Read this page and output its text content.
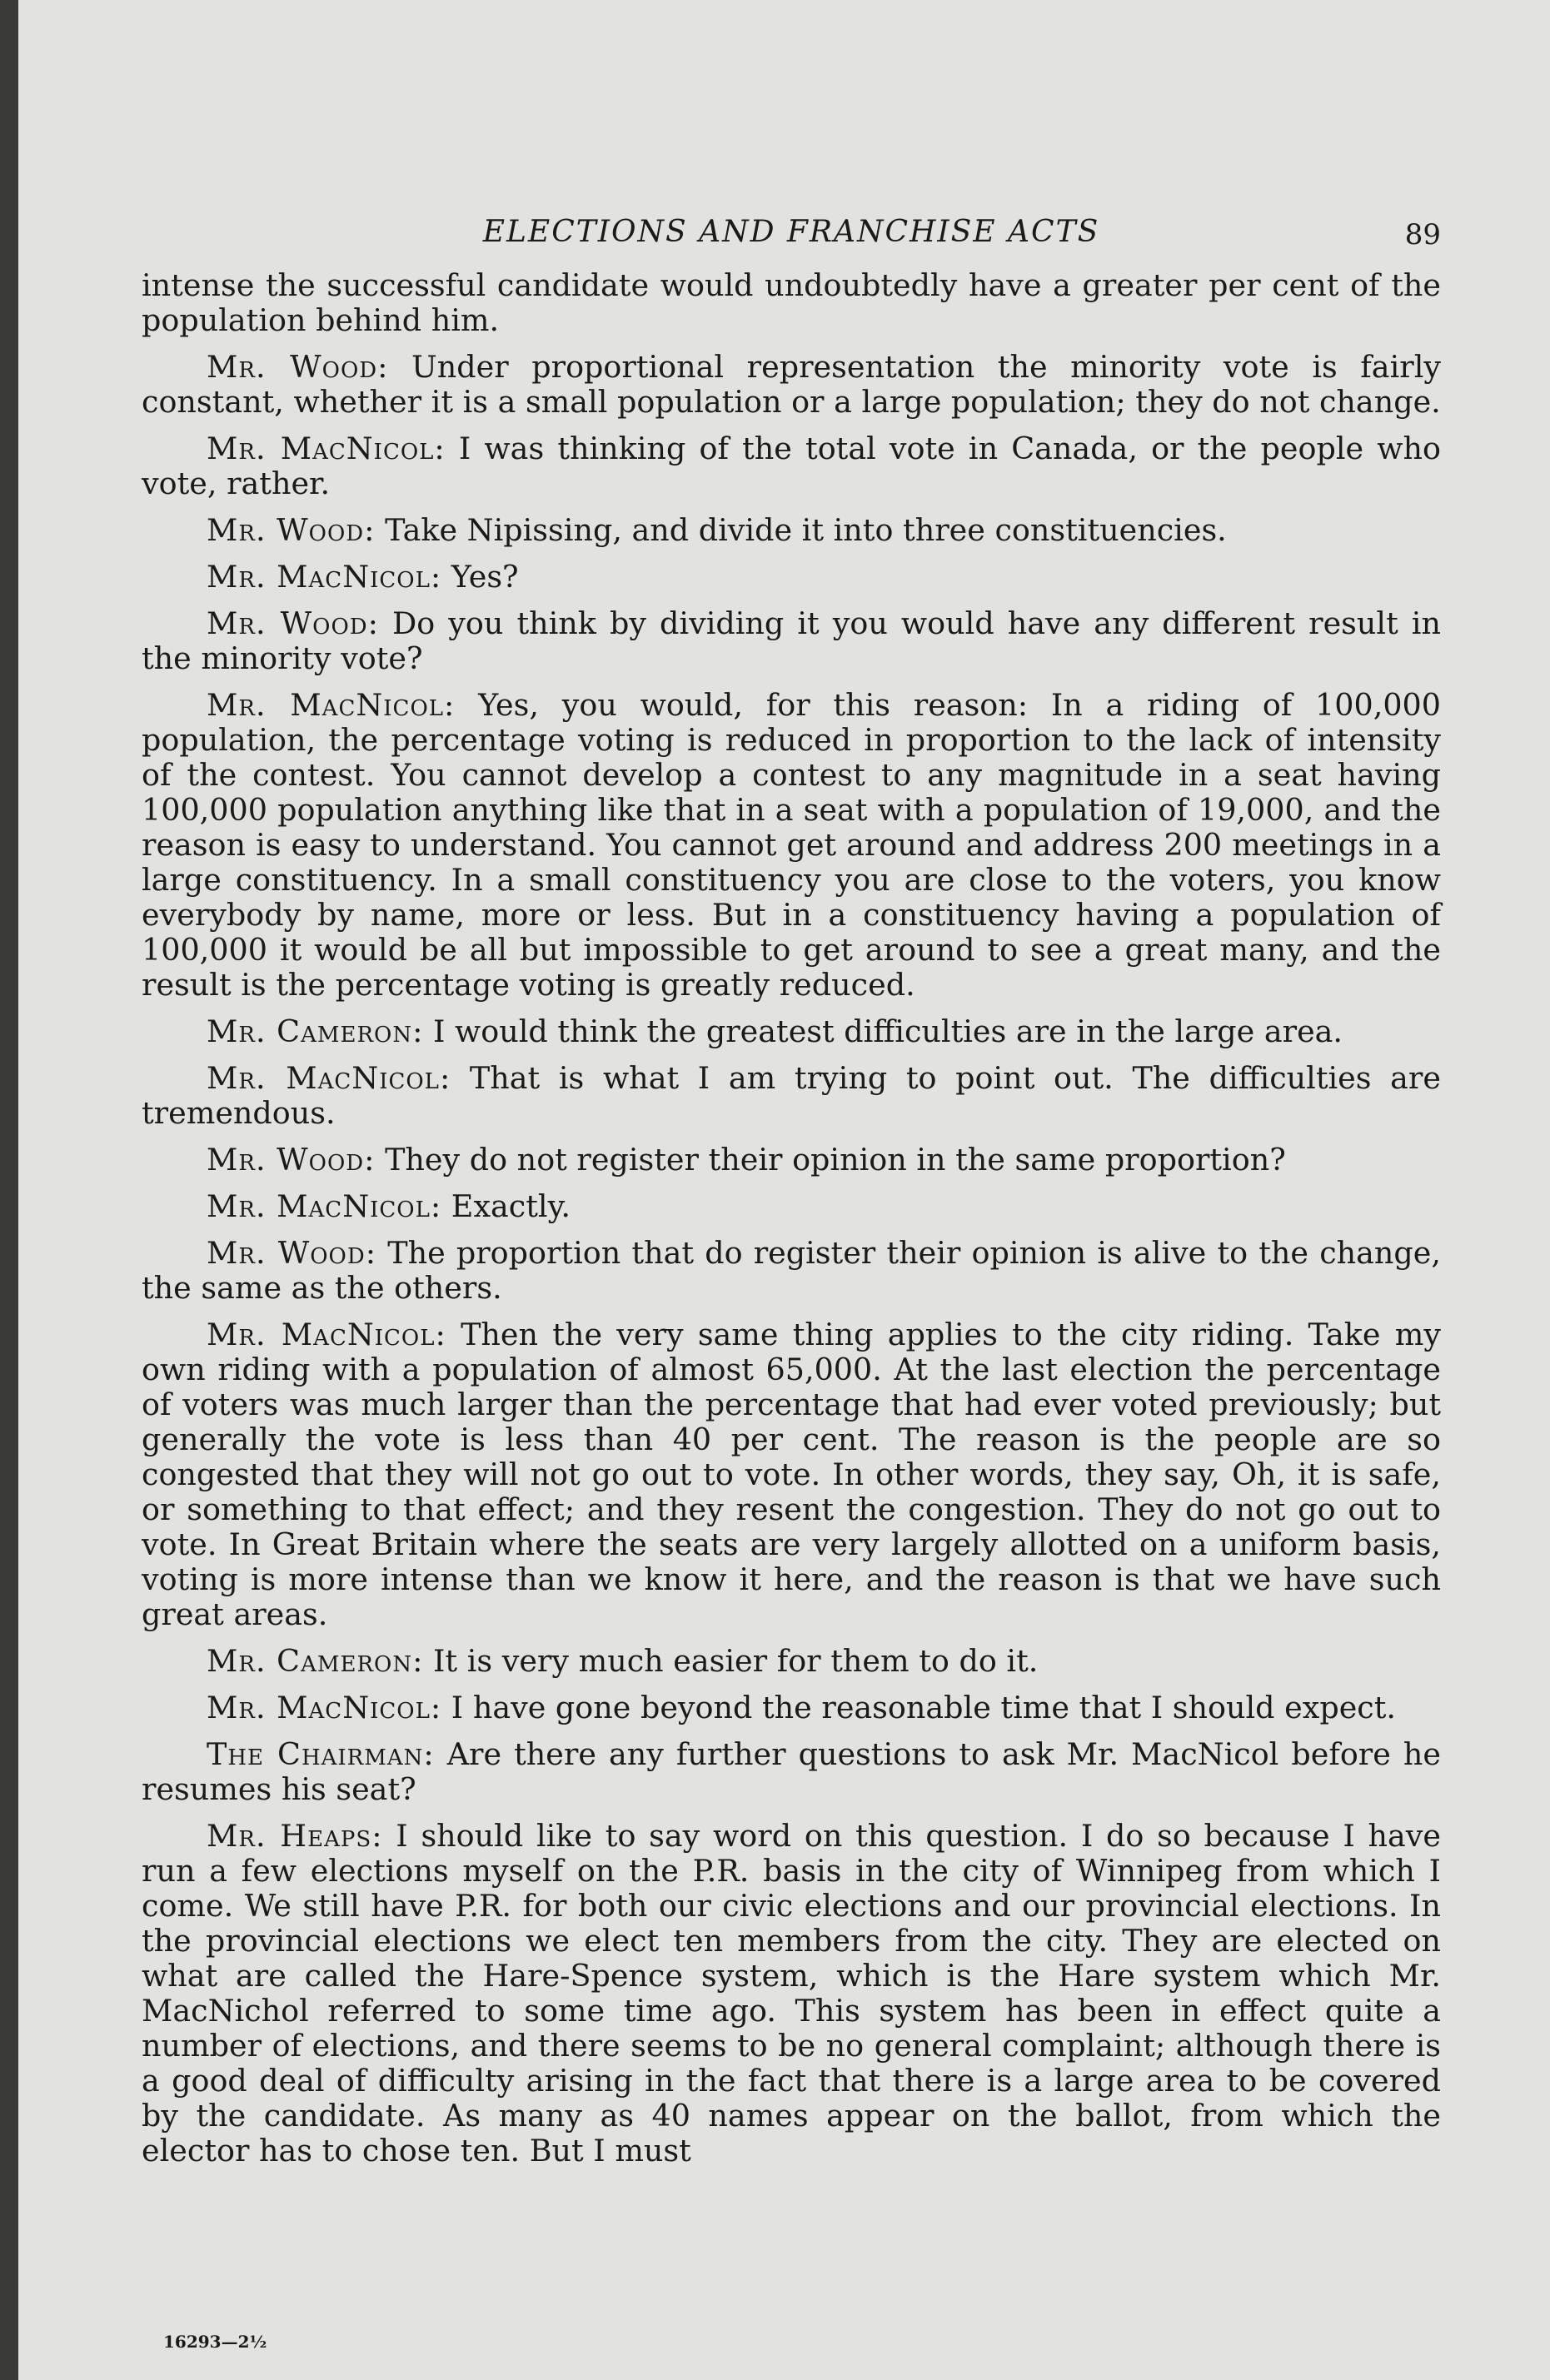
ELECTIONS AND FRANCHISE ACTS	89

intense the successful candidate would undoubtedly have a greater per cent of the population behind him.

Mr. Wood: Under proportional representation the minority vote is fairly constant, whether it is a small population or a large population; they do not change.

Mr. MacNicol: I was thinking of the total vote in Canada, or the people who vote, rather.

Mr. Wood: Take Nipissing, and divide it into three constituencies.

Mr. MacNicol: Yes?

Mr. Wood: Do you think by dividing it you would have any different result in the minority vote?

Mr. MacNicol: Yes, you would, for this reason: In a riding of 100,000 population, the percentage voting is reduced in proportion to the lack of intensity of the contest. You cannot develop a contest to any magnitude in a seat having 100,000 population anything like that in a seat with a population of 19,000, and the reason is easy to understand. You cannot get around and address 200 meetings in a large constituency. In a small constituency you are close to the voters, you know everybody by name, more or less. But in a constituency having a population of 100,000 it would be all but impossible to get around to see a great many, and the result is the percentage voting is greatly reduced.

Mr. Cameron: I would think the greatest difficulties are in the large area.

Mr. MacNicol: That is what I am trying to point out. The difficulties are tremendous.

Mr. Wood: They do not register their opinion in the same proportion?

Mr. MacNicol: Exactly.

Mr. Wood: The proportion that do register their opinion is alive to the change, the same as the others.

Mr. MacNicol: Then the very same thing applies to the city riding. Take my own riding with a population of almost 65,000. At the last election the percentage of voters was much larger than the percentage that had ever voted previously; but generally the vote is less than 40 per cent. The reason is the people are so congested that they will not go out to vote. In other words, they say, Oh, it is safe, or something to that effect; and they resent the congestion. They do not go out to vote. In Great Britain where the seats are very largely allotted on a uniform basis, voting is more intense than we know it here, and the reason is that we have such great areas.

Mr. Cameron: It is very much easier for them to do it.

Mr. MacNicol: I have gone beyond the reasonable time that I should expect.

The Chairman: Are there any further questions to ask Mr. MacNicol before he resumes his seat?

Mr. Heaps: I should like to say word on this question. I do so because I have run a few elections myself on the P.R. basis in the city of Winnipeg from which I come. We still have P.R. for both our civic elections and our provincial elections. In the provincial elections we elect ten members from the city. They are elected on what are called the Hare-Spence system, which is the Hare system which Mr. MacNichol referred to some time ago. This system has been in effect quite a number of elections, and there seems to be no general complaint; although there is a good deal of difficulty arising in the fact that there is a large area to be covered by the candidate. As many as 40 names appear on the ballot, from which the elector has to chose ten. But I must

16293—2½
